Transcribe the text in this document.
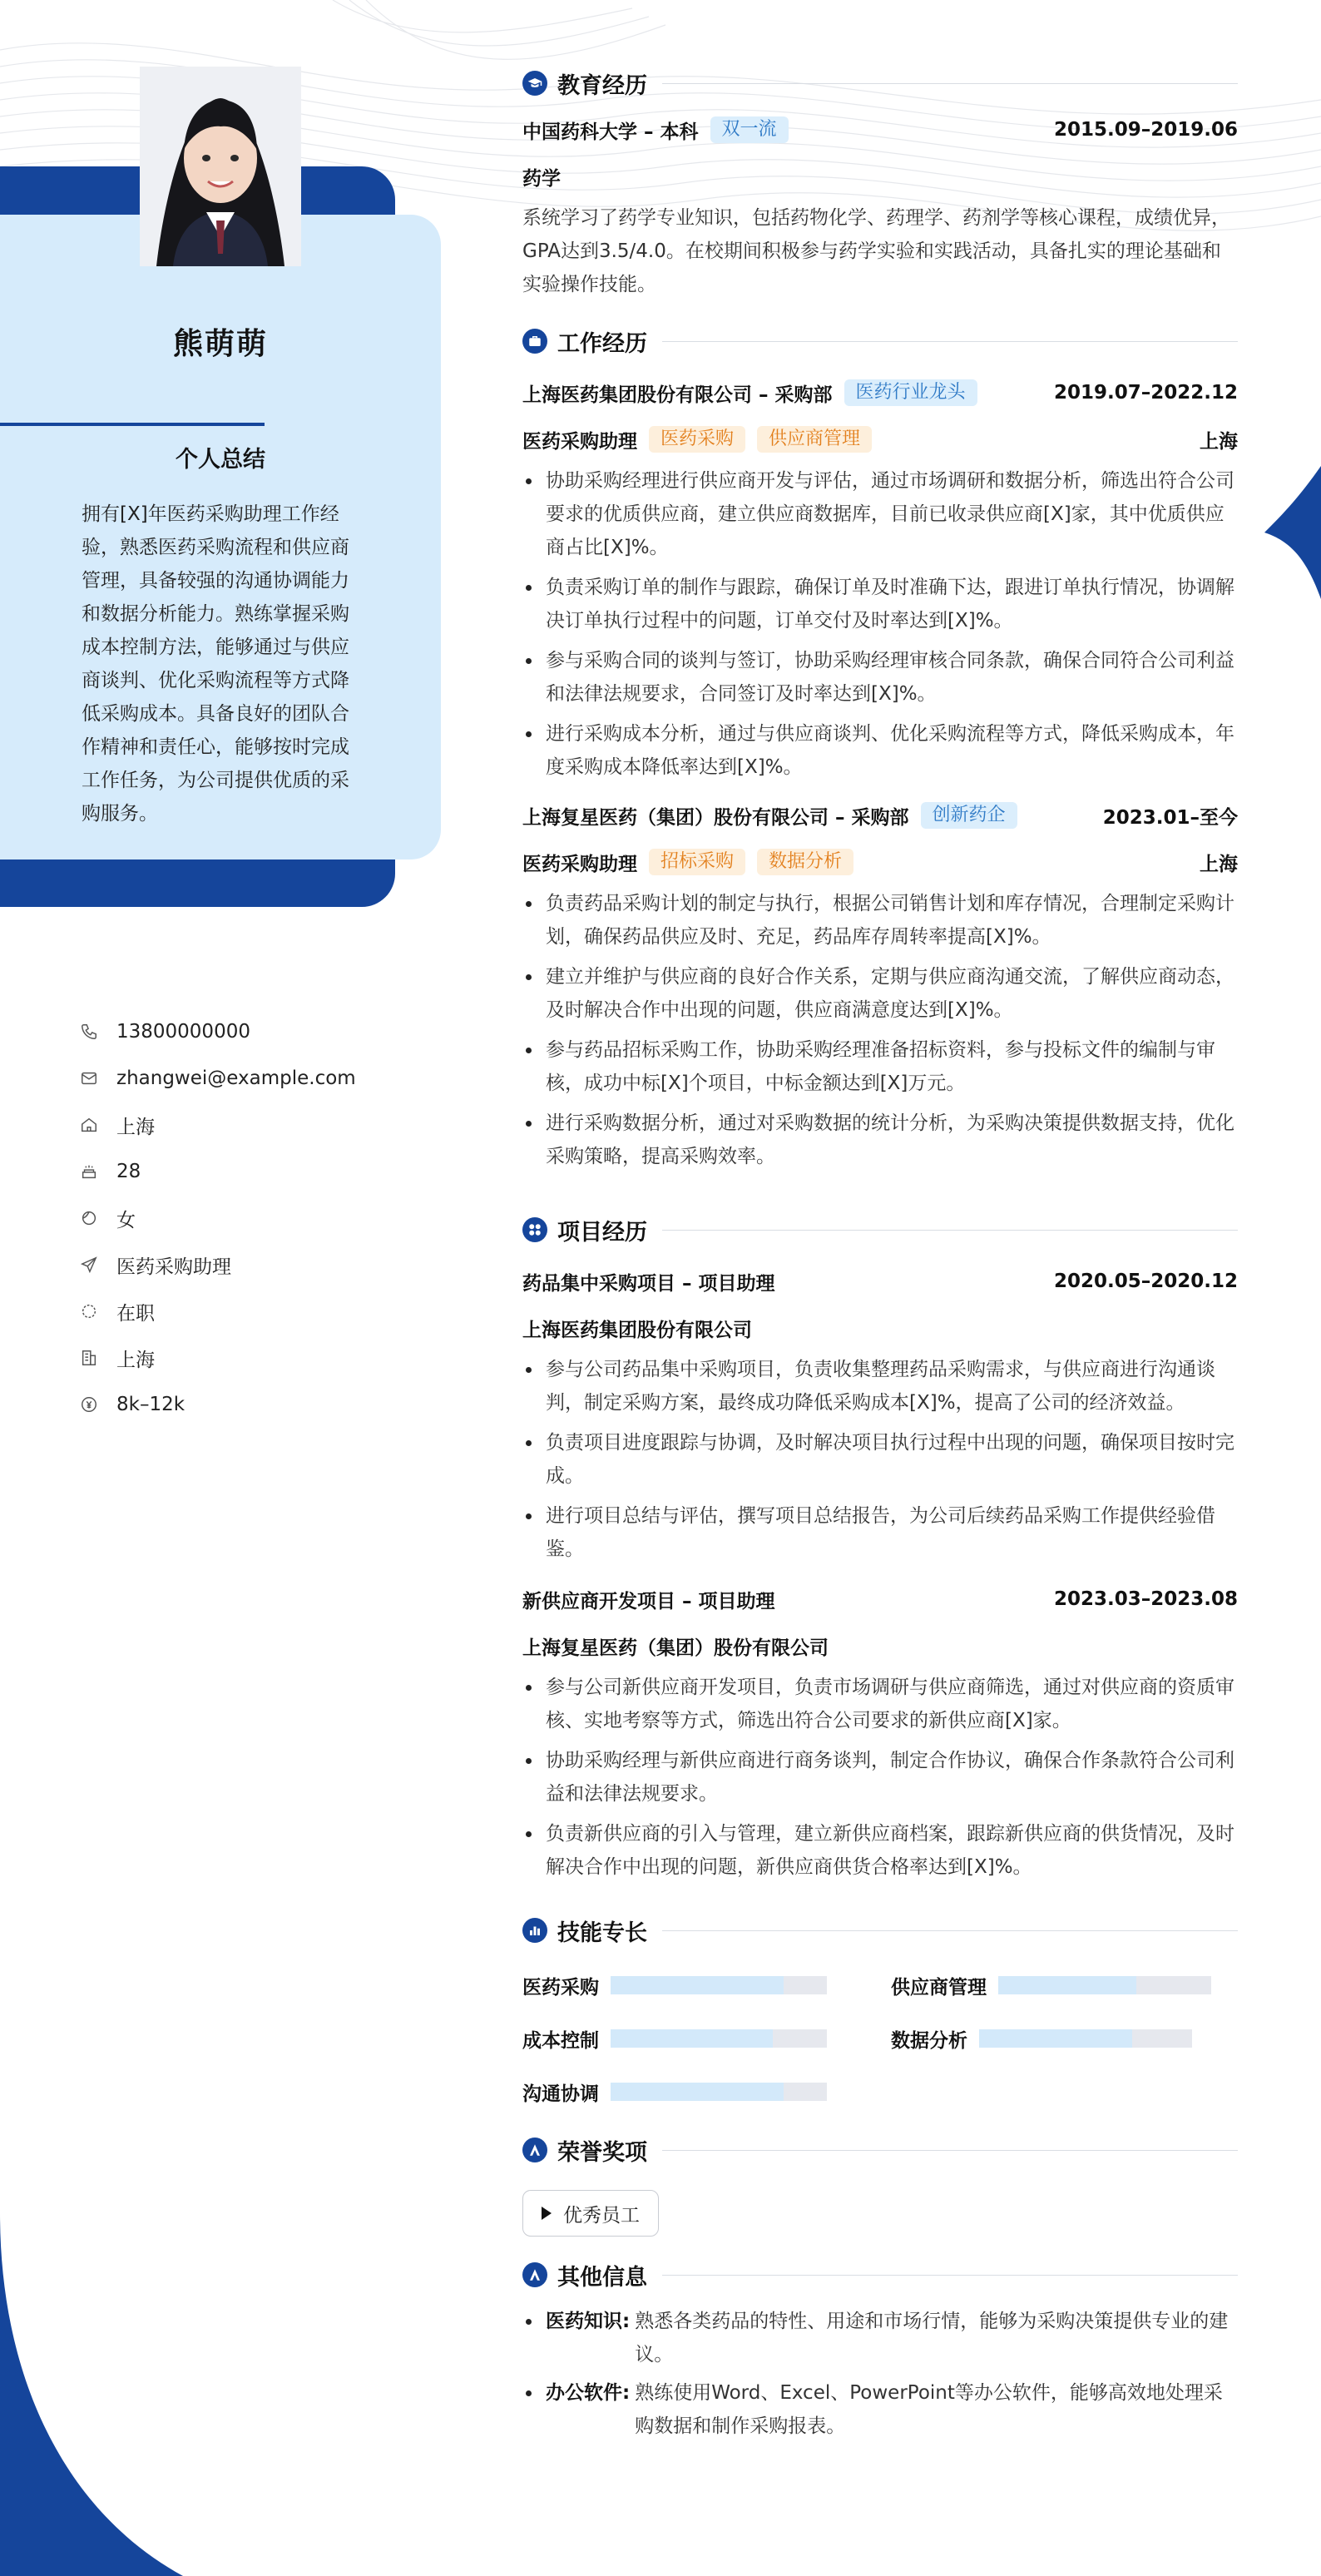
熊萌萌
个人总结
拥有[X]年医药采购助理工作经验，熟悉医药采购流程和供应商管理，具备较强的沟通协调能力和数据分析能力。熟练掌握采购成本控制方法，能够通过与供应商谈判、优化采购流程等方式降低采购成本。具备良好的团队合作精神和责任心，能够按时完成工作任务，为公司提供优质的采购服务。
13800000000
zhangwei@example.com
上海
28
女
医药采购助理
在职
上海
8k–12k
教育经历
中国药科大学 – 本科	双一流	2015.09–2019.06
药学
系统学习了药学专业知识，包括药物化学、药理学、药剂学等核心课程，成绩优异，GPA达到3.5/4.0。在校期间积极参与药学实验和实践活动，具备扎实的理论基础和实验操作技能。
工作经历
上海医药集团股份有限公司 – 采购部	医药行业龙头	2019.07–2022.12
医药采购助理	医药采购	供应商管理	上海
协助采购经理进行供应商开发与评估，通过市场调研和数据分析，筛选出符合公司要求的优质供应商，建立供应商数据库，目前已收录供应商[X]家，其中优质供应商占比[X]%。
负责采购订单的制作与跟踪，确保订单及时准确下达，跟进订单执行情况，协调解决订单执行过程中的问题，订单交付及时率达到[X]%。
参与采购合同的谈判与签订，协助采购经理审核合同条款，确保合同符合公司利益和法律法规要求，合同签订及时率达到[X]%。
进行采购成本分析，通过与供应商谈判、优化采购流程等方式，降低采购成本，年度采购成本降低率达到[X]%。
上海复星医药（集团）股份有限公司 – 采购部	创新药企	2023.01–至今
医药采购助理	招标采购	数据分析	上海
负责药品采购计划的制定与执行，根据公司销售计划和库存情况，合理制定采购计划，确保药品供应及时、充足，药品库存周转率提高[X]%。
建立并维护与供应商的良好合作关系，定期与供应商沟通交流，了解供应商动态，及时解决合作中出现的问题，供应商满意度达到[X]%。
参与药品招标采购工作，协助采购经理准备招标资料，参与投标文件的编制与审核，成功中标[X]个项目，中标金额达到[X]万元。
进行采购数据分析，通过对采购数据的统计分析，为采购决策提供数据支持，优化采购策略，提高采购效率。
项目经历
药品集中采购项目 – 项目助理	2020.05–2020.12
上海医药集团股份有限公司
参与公司药品集中采购项目，负责收集整理药品采购需求，与供应商进行沟通谈判，制定采购方案，最终成功降低采购成本[X]%，提高了公司的经济效益。
负责项目进度跟踪与协调，及时解决项目执行过程中出现的问题，确保项目按时完成。
进行项目总结与评估，撰写项目总结报告，为公司后续药品采购工作提供经验借鉴。
新供应商开发项目 – 项目助理	2023.03–2023.08
上海复星医药（集团）股份有限公司
参与公司新供应商开发项目，负责市场调研与供应商筛选，通过对供应商的资质审核、实地考察等方式，筛选出符合公司要求的新供应商[X]家。
协助采购经理与新供应商进行商务谈判，制定合作协议，确保合作条款符合公司利益和法律法规要求。
负责新供应商的引入与管理，建立新供应商档案，跟踪新供应商的供货情况，及时解决合作中出现的问题，新供应商供货合格率达到[X]%。
技能专长
医药采购	供应商管理
成本控制	数据分析
沟通协调
荣誉奖项
优秀员工
其他信息
医药知识: 熟悉各类药品的特性、用途和市场行情，能够为采购决策提供专业的建议。
办公软件: 熟练使用Word、Excel、PowerPoint等办公软件，能够高效地处理采购数据和制作采购报表。
